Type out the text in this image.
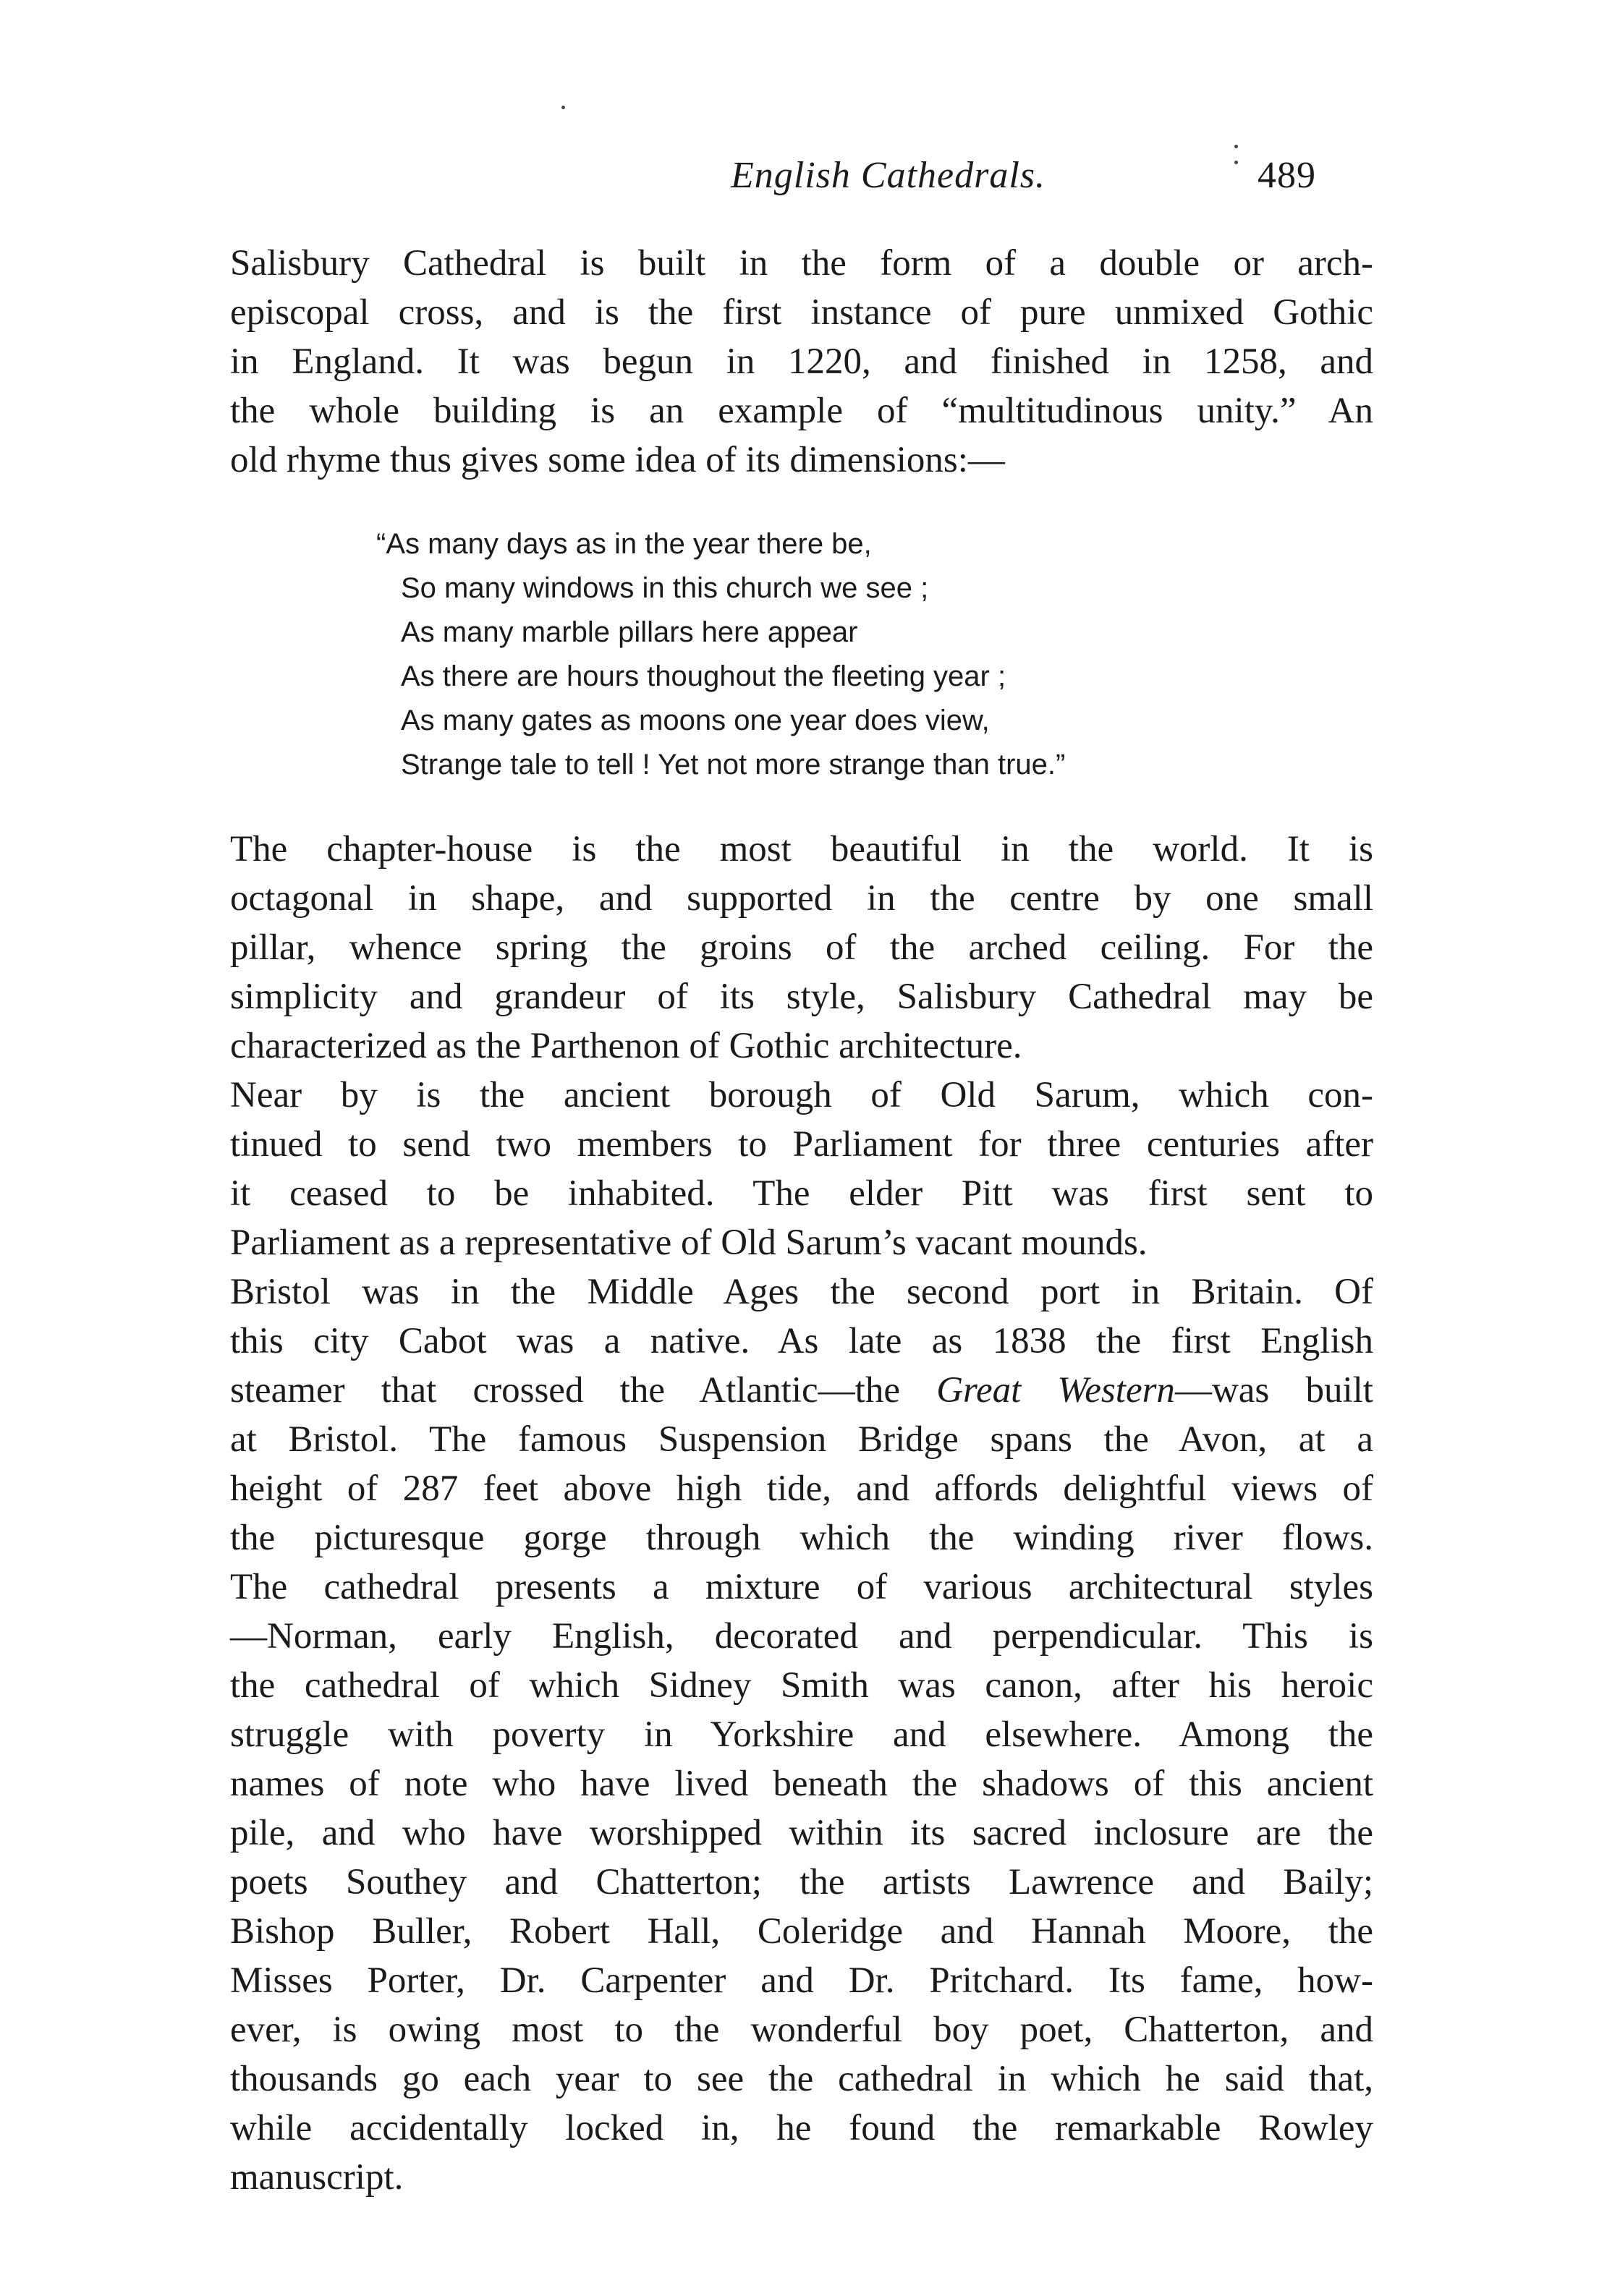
English Cathedrals.	489
Salisbury Cathedral is built in the form of a double or arch-
episcopal cross, and is the first instance of pure unmixed Gothic
in England. It was begun in 1220, and finished in 1258, and
the whole building is an example of “multitudinous unity.” An
old rhyme thus gives some idea of its dimensions:—
“As many days as in the year there be,
So many windows in this church we see ;
As many marble pillars here appear
As there are hours thoughout the fleeting year ;
As many gates as moons one year does view,
Strange tale to tell ! Yet not more strange than true.”
The chapter-house is the most beautiful in the world. It is
octagonal in shape, and supported in the centre by one small
pillar, whence spring the groins of the arched ceiling. For the
simplicity and grandeur of its style, Salisbury Cathedral may be
characterized as the Parthenon of Gothic architecture.
Near by is the ancient borough of Old Sarum, which con-
tinued to send two members to Parliament for three centuries after
it ceased to be inhabited. The elder Pitt was first sent to
Parliament as a representative of Old Sarum’s vacant mounds.
Bristol was in the Middle Ages the second port in Britain. Of
this city Cabot was a native. As late as 1838 the first English
steamer that crossed the Atlantic—the Great Western—was built
at Bristol. The famous Suspension Bridge spans the Avon, at a
height of 287 feet above high tide, and affords delightful views of
the picturesque gorge through which the winding river flows.
The cathedral presents a mixture of various architectural styles
—Norman, early English, decorated and perpendicular. This is
the cathedral of which Sidney Smith was canon, after his heroic
struggle with poverty in Yorkshire and elsewhere. Among the
names of note who have lived beneath the shadows of this ancient
pile, and who have worshipped within its sacred inclosure are the
poets Southey and Chatterton; the artists Lawrence and Baily;
Bishop Buller, Robert Hall, Coleridge and Hannah Moore, the
Misses Porter, Dr. Carpenter and Dr. Pritchard. Its fame, how-
ever, is owing most to the wonderful boy poet, Chatterton, and
thousands go each year to see the cathedral in which he said that,
while accidentally locked in, he found the remarkable Rowley
manuscript.
